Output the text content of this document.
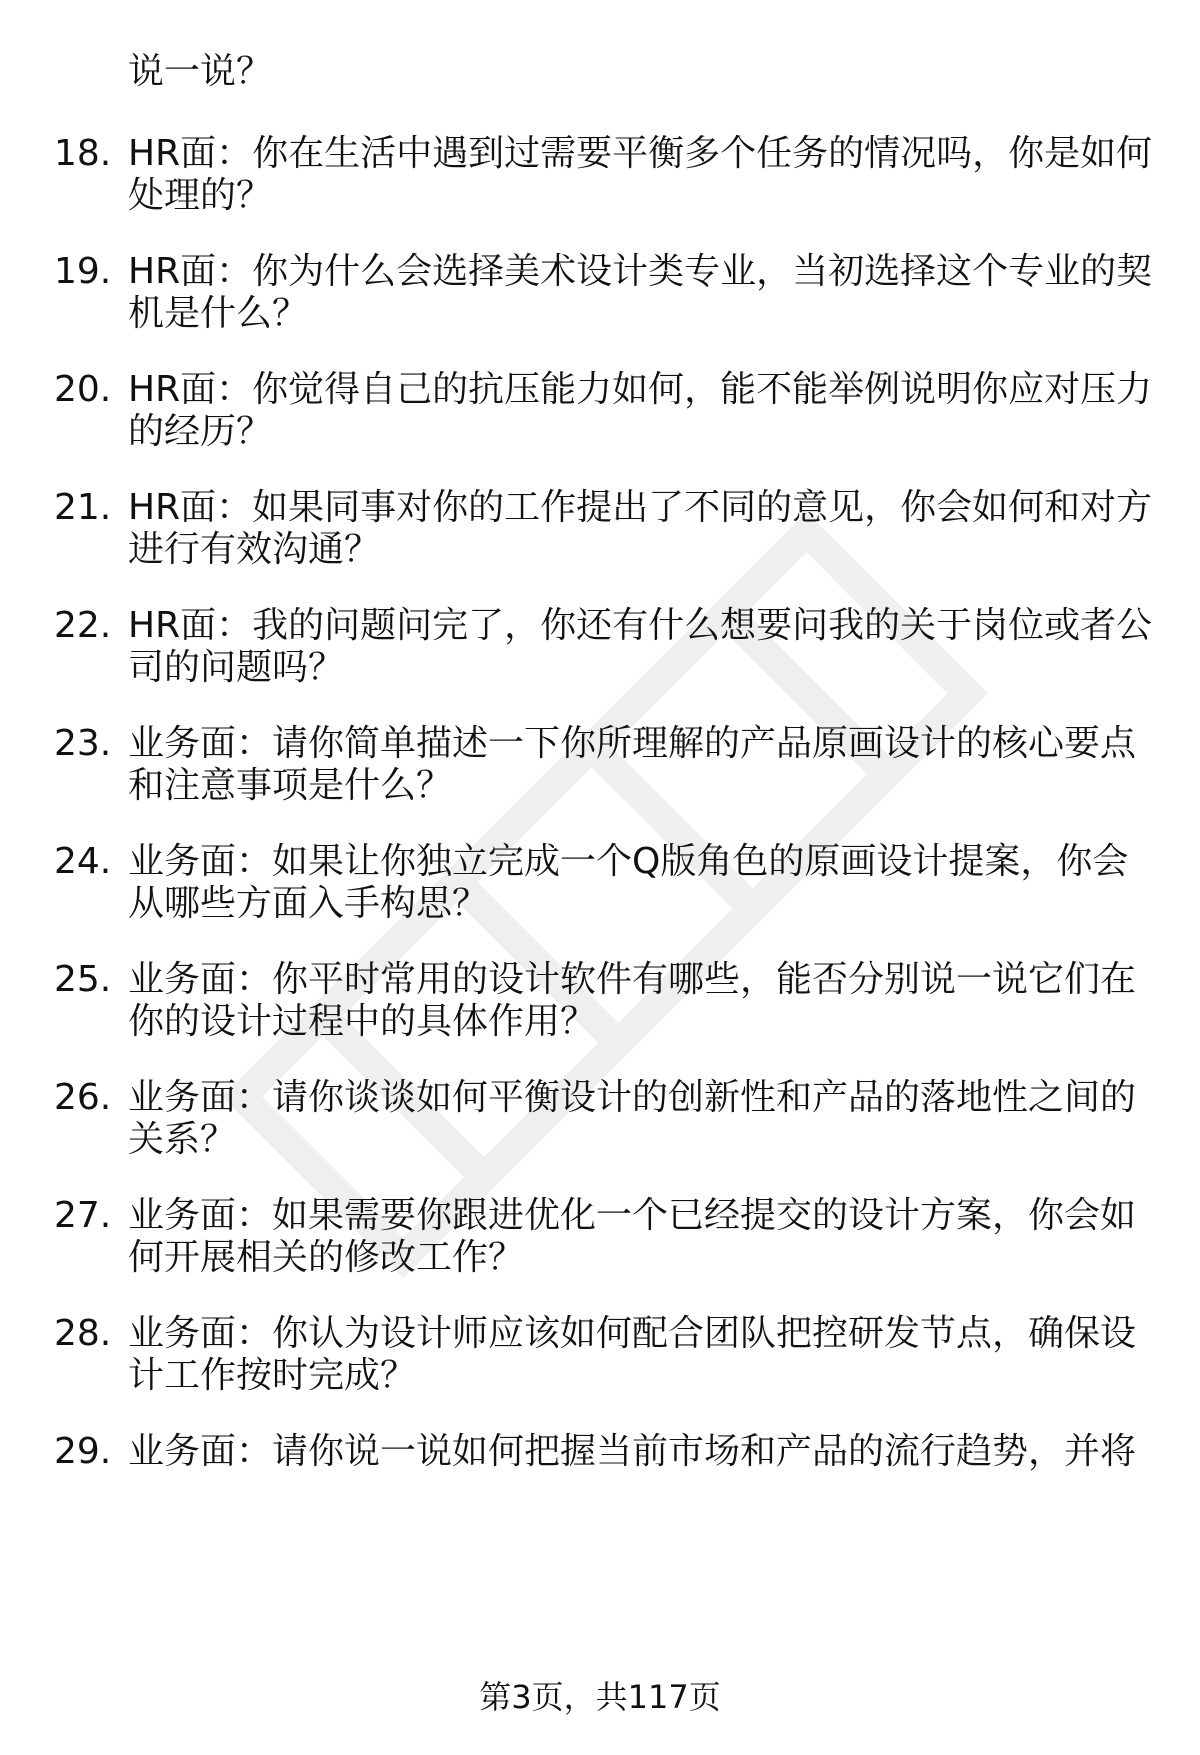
说一说？
18. HR面：你在生活中遇到过需要平衡多个任务的情况吗，你是如何
处理的？
19. HR面：你为什么会选择美术设计类专业，当初选择这个专业的契
机是什么？
20. HR面：你觉得自己的抗压能力如何，能不能举例说明你应对压力
的经历？
21. HR面：如果同事对你的工作提出了不同的意见，你会如何和对方
进行有效沟通？
22. HR面：我的问题问完了，你还有什么想要问我的关于岗位或者公
司的问题吗？
23. 业务面：请你简单描述一下你所理解的产品原画设计的核心要点
和注意事项是什么？
24. 业务面：如果让你独立完成一个Q版角色的原画设计提案，你会
从哪些方面入手构思？
25. 业务面：你平时常用的设计软件有哪些，能否分别说一说它们在
你的设计过程中的具体作用？
26. 业务面：请你谈谈如何平衡设计的创新性和产品的落地性之间的
关系？
27. 业务面：如果需要你跟进优化一个已经提交的设计方案，你会如
何开展相关的修改工作？
28. 业务面：你认为设计师应该如何配合团队把控研发节点，确保设
计工作按时完成？
29. 业务面：请你说一说如何把握当前市场和产品的流行趋势，并将
第3页，共117页
